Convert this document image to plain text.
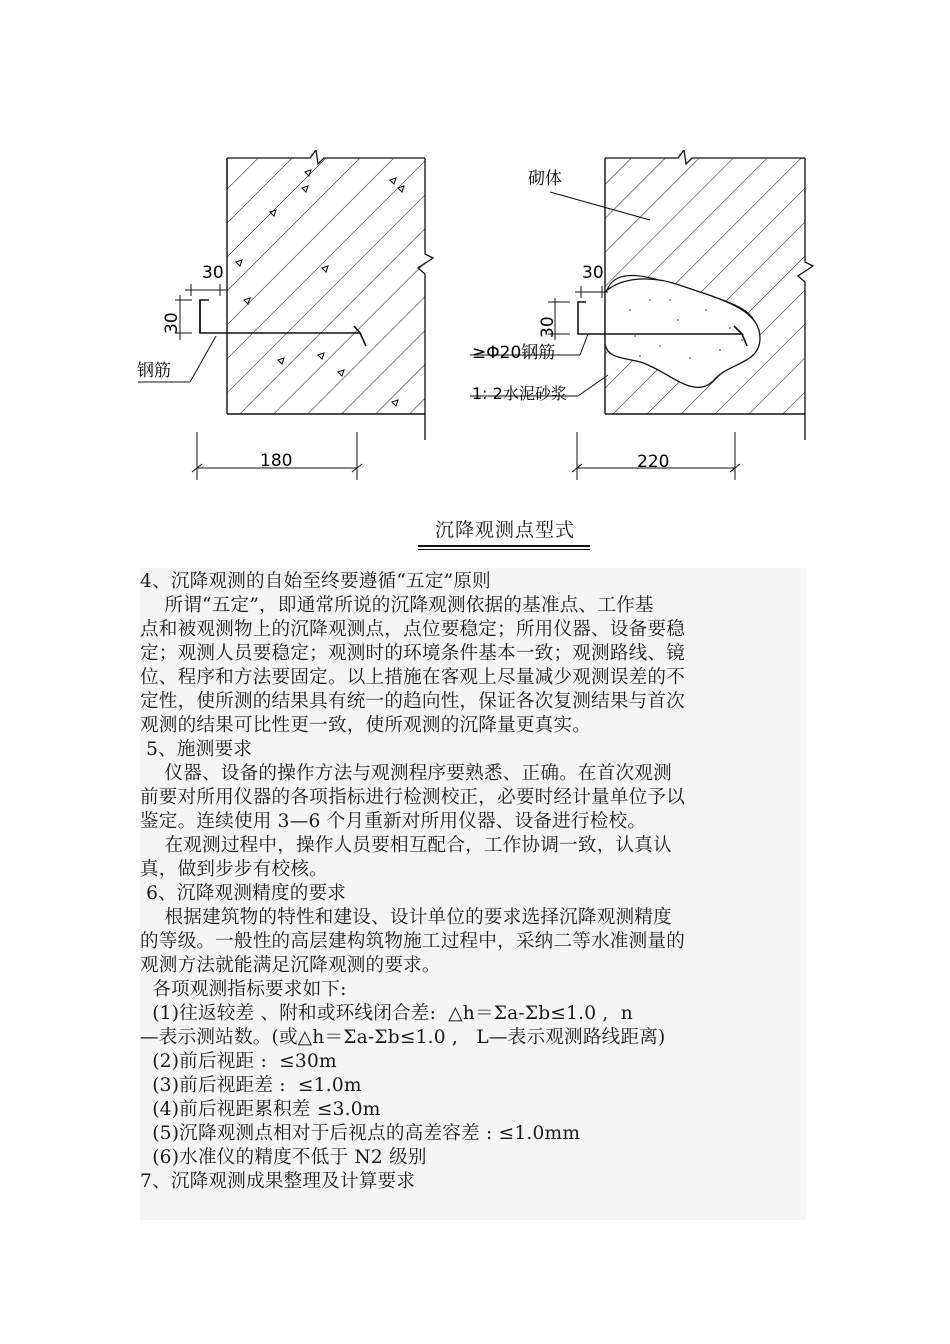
30
30
钢筋
180
砌体
30
30
≥Φ20钢筋
1: 2水泥砂浆
220
沉降观测点型式
4、沉降观测的自始至终要遵循“五定”原则
所谓“五定”，即通常所说的沉降观测依据的基准点、工作基
点和被观测物上的沉降观测点，点位要稳定；所用仪器、设备要稳
定；观测人员要稳定；观测时的环境条件基本一致；观测路线、镜
位、程序和方法要固定。以上措施在客观上尽量减少观测误差的不
定性，使所测的结果具有统一的趋向性，保证各次复测结果与首次
观测的结果可比性更一致，使所观测的沉降量更真实。
5、施测要求
仪器、设备的操作方法与观测程序要熟悉、正确。在首次观测
前要对所用仪器的各项指标进行检测校正，必要时经计量单位予以
鉴定。连续使用 3—6 个月重新对所用仪器、设备进行检校。
在观测过程中，操作人员要相互配合，工作协调一致，认真认
真，做到步步有校核。
6、沉降观测精度的要求
根据建筑物的特性和建设、设计单位的要求选择沉降观测精度
的等级。一般性的高层建构筑物施工过程中，采纳二等水准测量的
观测方法就能满足沉降观测的要求。
各项观测指标要求如下:
(1)往返较差 、附和或环线闭合差:  △h＝Σa-Σb≤1.0 ,  n
—表示测站数。(或△h＝Σa-Σb≤1.0 ,   L—表示观测路线距离)
(2)前后视距 :  ≤30m
(3)前后视距差 :  ≤1.0m
(4)前后视距累积差 ≤3.0m
(5)沉降观测点相对于后视点的高差容差 : ≤1.0mm
(6)水准仪的精度不低于 N2 级别
7、沉降观测成果整理及计算要求
